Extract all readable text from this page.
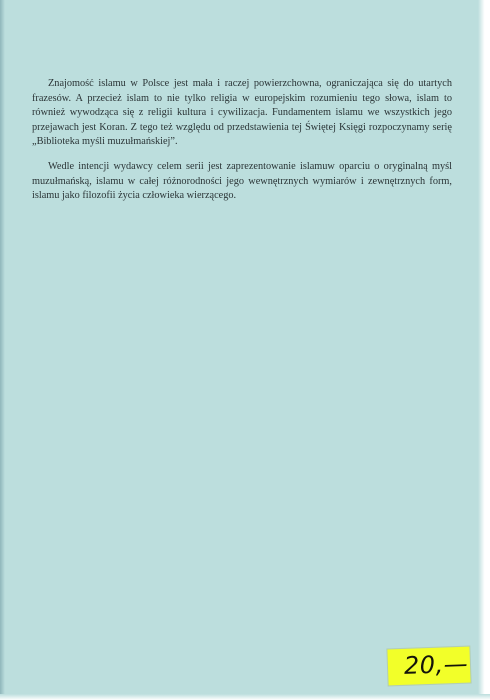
Znajomość islamu w Polsce jest mała i raczej powierzchowna, ograniczająca się do utartych frazesów. A przecież islam to nie tylko religia w europejskim rozumieniu tego słowa, islam to również wywodząca się z religii kultura i cywilizacja. Fundamentem islamu we wszystkich jego przejawach jest Koran. Z tego też względu od przedstawienia tej Świętej Księgi rozpoczynamy serię „Biblioteka myśli muzułmańskiej”.

Wedle intencji wydawcy celem serii jest zaprezentowanie islamuw oparciu o oryginalną myśl muzułmańską, islamu w całej różnorodności jego wewnętrznych wymiarów i zewnętrznych form, islamu jako filozofii życia człowieka wierzącego.

20,—
